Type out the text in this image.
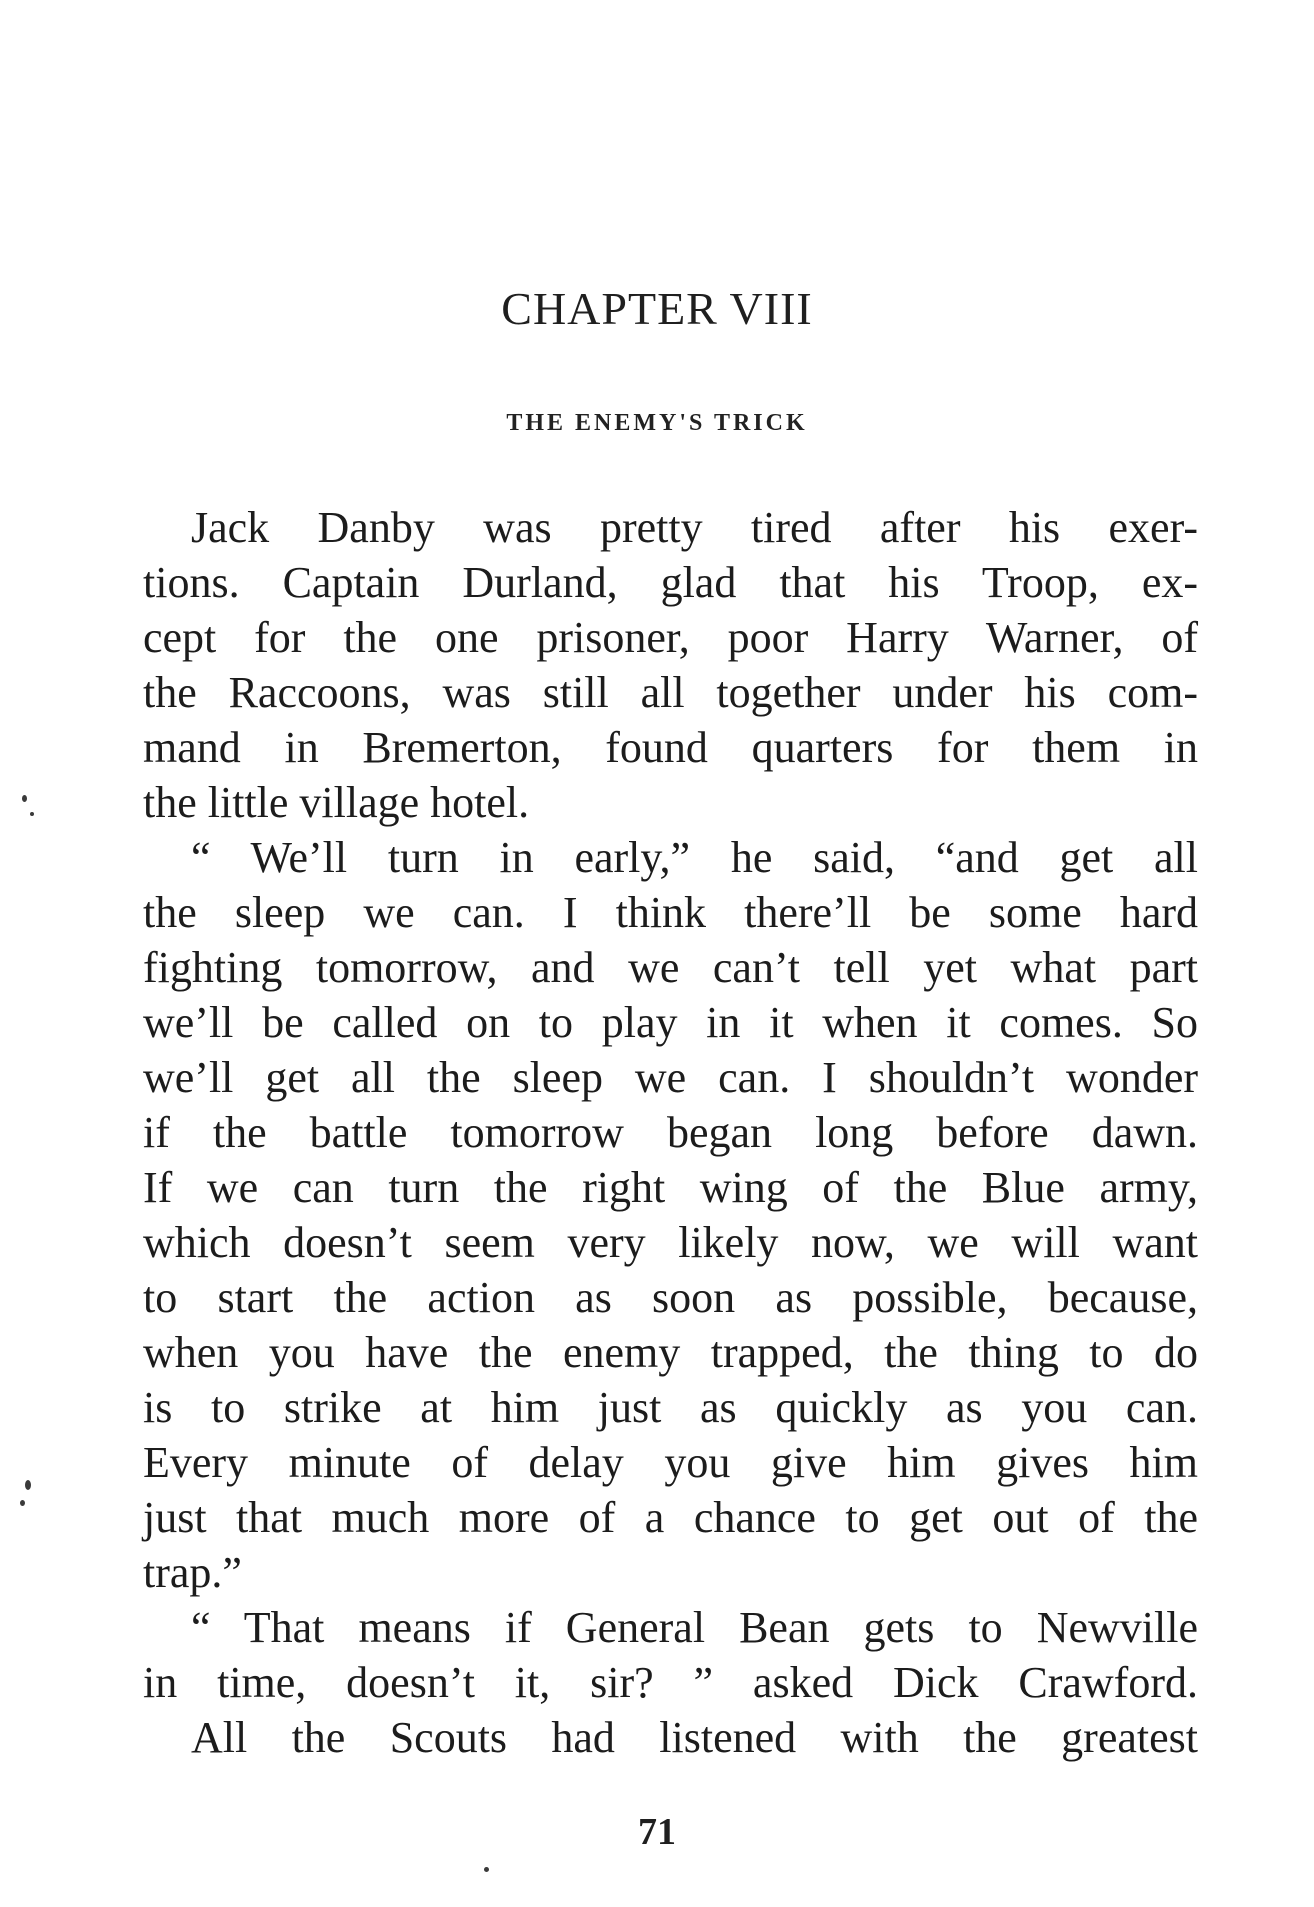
CHAPTER VIII
THE ENEMY'S TRICK
Jack Danby was pretty tired after his exer-
tions. Captain Durland, glad that his Troop, ex-
cept for the one prisoner, poor Harry Warner, of
the Raccoons, was still all together under his com-
mand in Bremerton, found quarters for them in
the little village hotel.
“ We’ll turn in early,” he said, “and get all
the sleep we can. I think there’ll be some hard
fighting tomorrow, and we can’t tell yet what part
we’ll be called on to play in it when it comes. So
we’ll get all the sleep we can. I shouldn’t wonder
if the battle tomorrow began long before dawn.
If we can turn the right wing of the Blue army,
which doesn’t seem very likely now, we will want
to start the action as soon as possible, because,
when you have the enemy trapped, the thing to do
is to strike at him just as quickly as you can.
Every minute of delay you give him gives him
just that much more of a chance to get out of the
trap.”
“ That means if General Bean gets to Newville
in time, doesn’t it, sir? ” asked Dick Crawford.
All the Scouts had listened with the greatest
71
